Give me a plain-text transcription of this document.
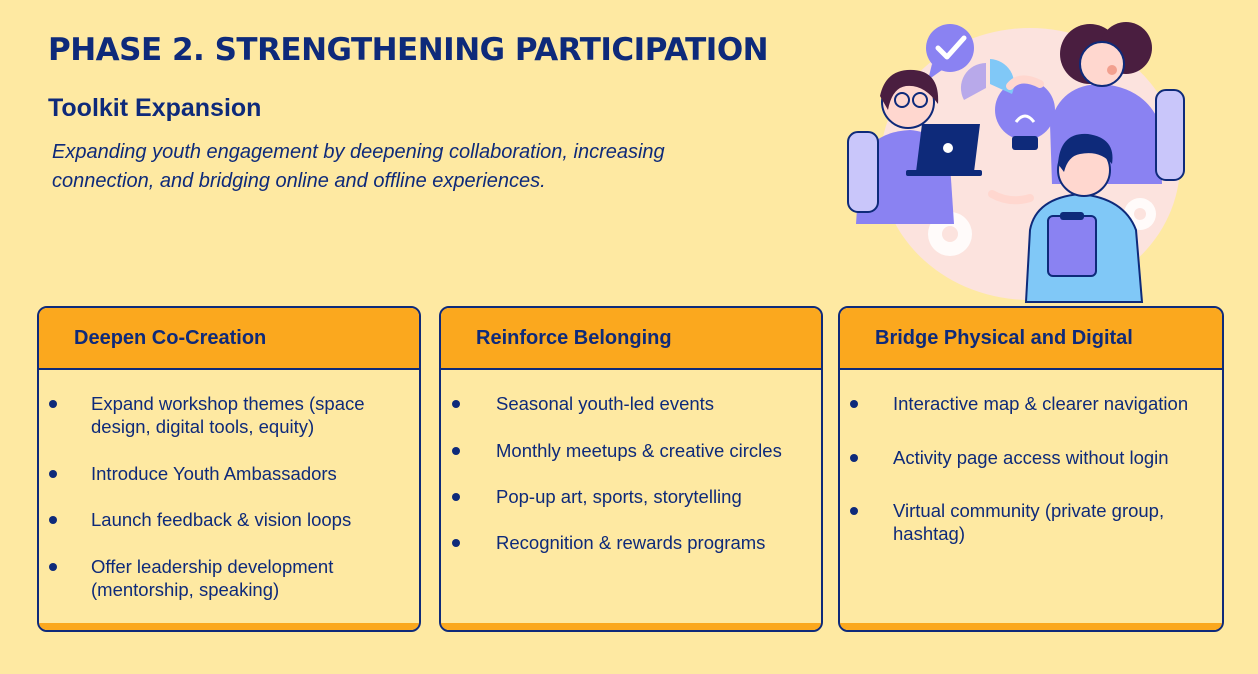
PHASE 2. STRENGTHENING PARTICIPATION
Toolkit Expansion

Expanding youth engagement by deepening collaboration, increasing connection, and bridging online and offline experiences.

Deepen Co-Creation
Expand workshop themes (space design, digital tools, equity)
Introduce Youth Ambassadors
Launch feedback & vision loops
Offer leadership development (mentorship, speaking)
Reinforce Belonging
Seasonal youth-led events
Monthly meetups & creative circles
Pop-up art, sports, storytelling
Recognition & rewards programs
Bridge Physical and Digital
Interactive map & clearer navigation
Activity page access without login
Virtual community (private group, hashtag)
